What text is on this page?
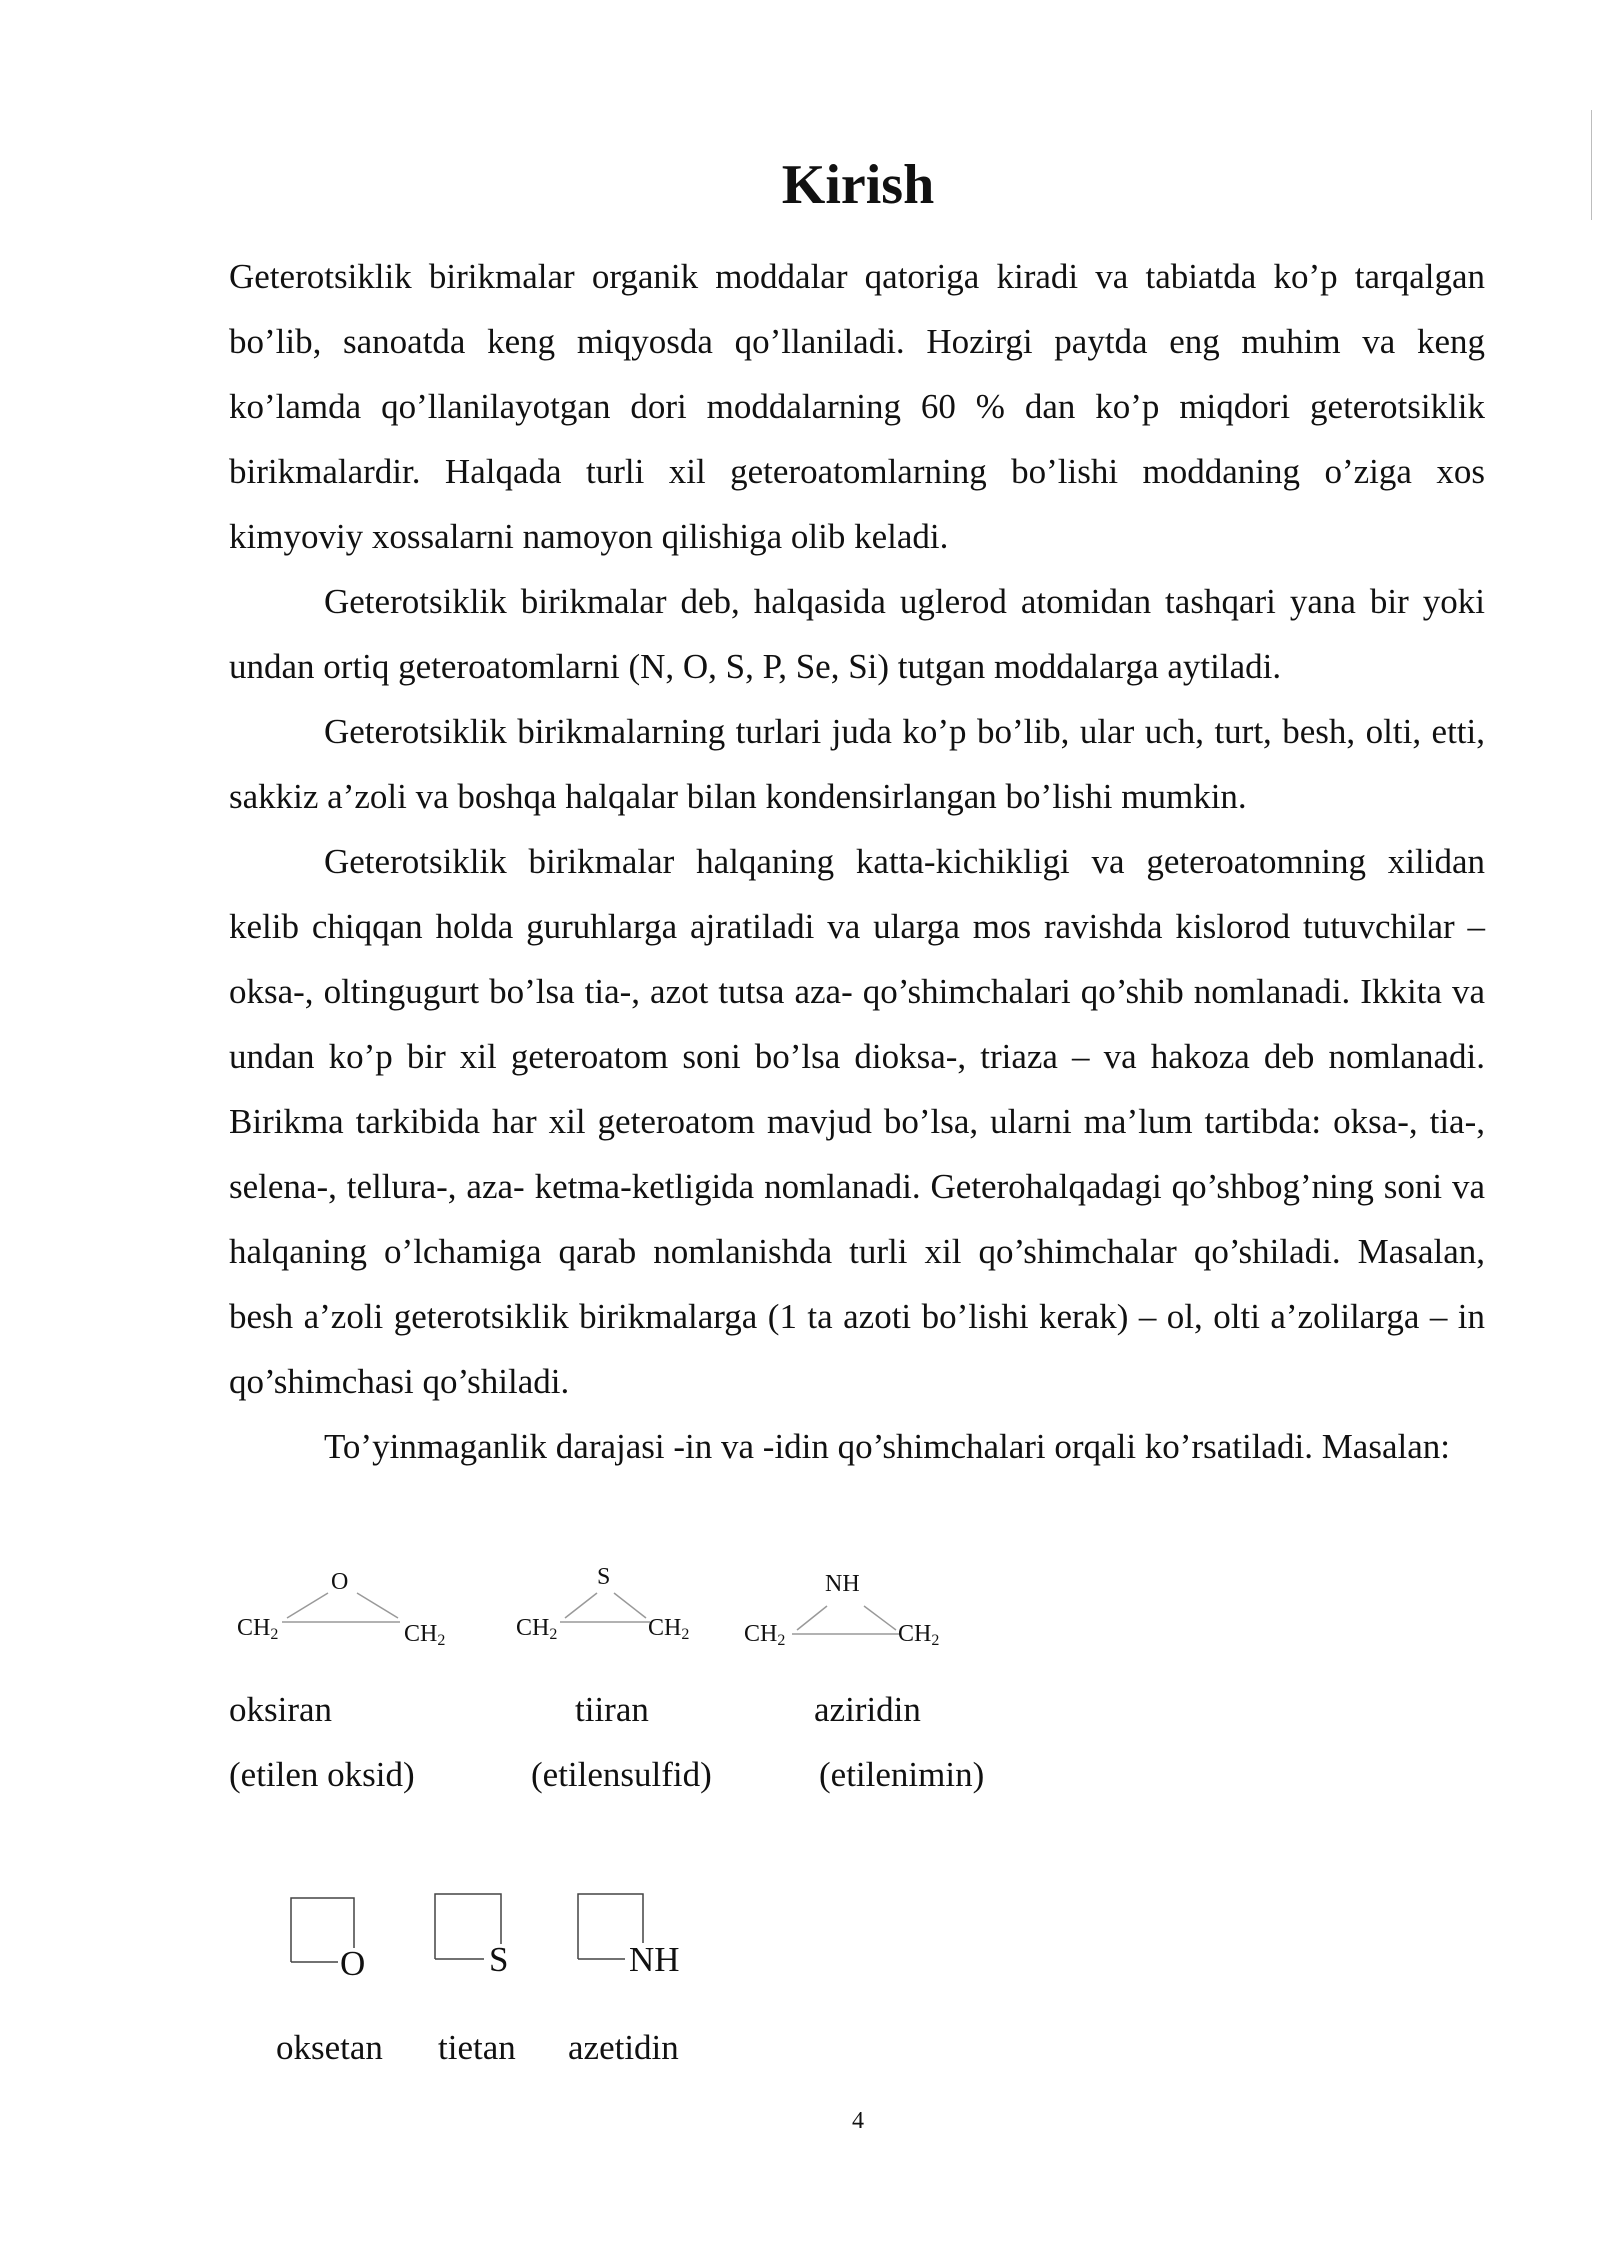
Kirish

Geterotsiklik birikmalar organik moddalar qatoriga kiradi va tabiatda ko’p tarqalgan bo’lib, sanoatda keng miqyosda qo’llaniladi. Hozirgi paytda eng muhim va keng ko’lamda qo’llanilayotgan dori moddalarning 60 % dan ko’p miqdori geterotsiklik birikmalardir. Halqada turli xil geteroatomlarning bo’lishi moddaning o’ziga xos kimyoviy xossalarni namoyon qilishiga olib keladi.

Geterotsiklik birikmalar deb, halqasida uglerod atomidan tashqari yana bir yoki undan ortiq geteroatomlarni (N, O, S, P, Se, Si) tutgan moddalarga aytiladi.

Geterotsiklik birikmalarning turlari juda ko’p bo’lib, ular uch, turt, besh, olti, etti, sakkiz a’zoli va boshqa halqalar bilan kondensirlangan bo’lishi mumkin.

Geterotsiklik birikmalar halqaning katta-kichikligi va geteroatomning xilidan kelib chiqqan holda guruhlarga ajratiladi va ularga mos ravishda kislorod tutuvchilar – oksa-, oltingugurt bo’lsa tia-, azot tutsa aza- qo’shimchalari qo’shib nomlanadi. Ikkita va undan ko’p bir xil geteroatom soni bo’lsa dioksa-, triaza – va hakoza deb nomlanadi. Birikma tarkibida har xil geteroatom mavjud bo’lsa, ularni ma’lum tartibda: oksa-, tia-, selena-, tellura-, aza- ketma-ketligida nomlanadi. Geterohalqadagi qo’shbog’ning soni va halqaning o’lchamiga qarab nomlanishda turli xil qo’shimchalar qo’shiladi. Masalan, besh a’zoli geterotsiklik birikmalarga (1 ta azoti bo’lishi kerak) – ol, olti a’zolilarga – in qo’shimchasi qo’shiladi.

To’yinmaganlik darajasi -in va -idin qo’shimchalari orqali ko’rsatiladi. Masalan:

O
$CH_2$	$CH_2$
S
$CH_2$	$CH_2$
NH
$CH_2$	$CH_2$
oksiran	tiiran	aziridin
(etilen oksid)	(etilensulfid)	(etilenimin)
O	S	NH
oksetan tietan azetidin
4
